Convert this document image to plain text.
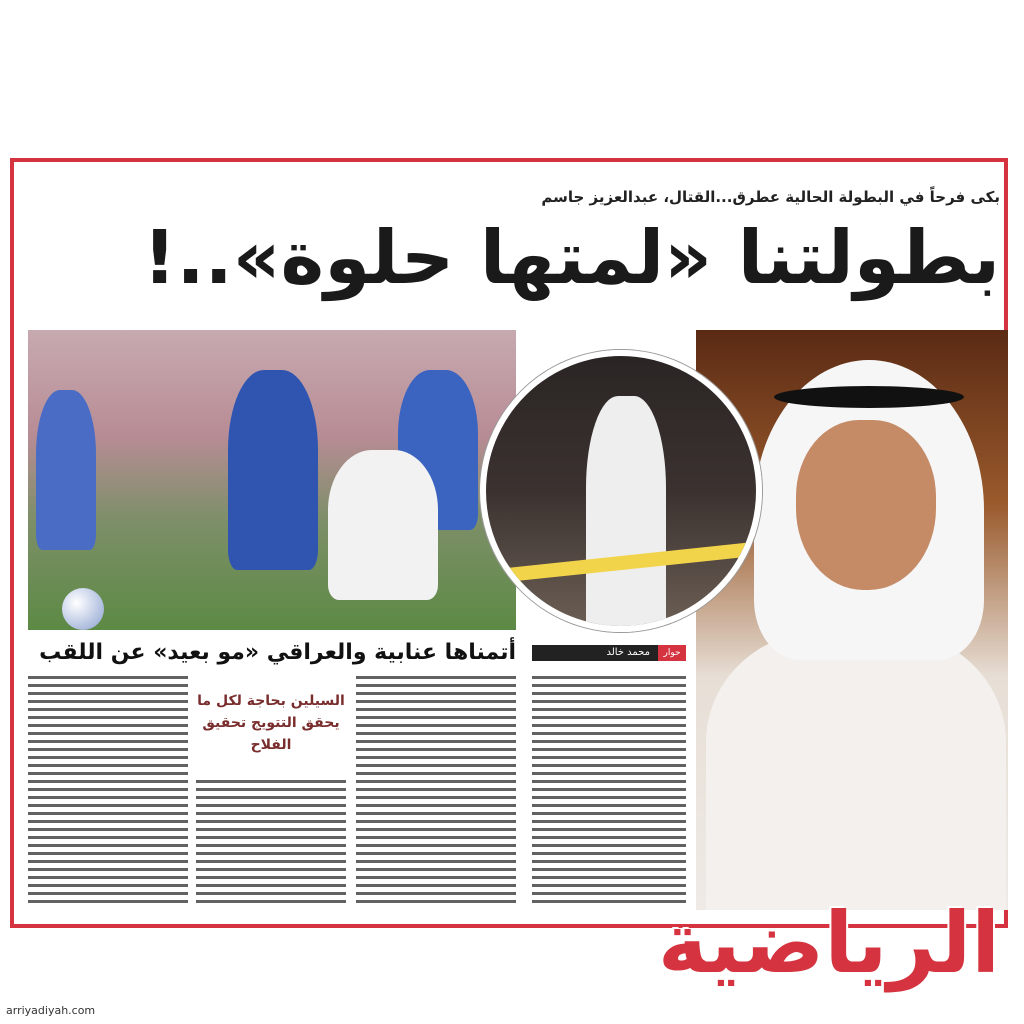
بكى فرحاً في البطولة الحالية عطرق...القتال، عبدالعزيز جاسم
بطولتنا «لمتها حلوة»..!
أتمناها عنابية والعراقي «مو بعيد» عن اللقب	حوار
محمد خالد
السيلين بحاجة لكل ما يحقق التتويج تحقيق الفلاح
الرياضية
arriyadiyah.com
